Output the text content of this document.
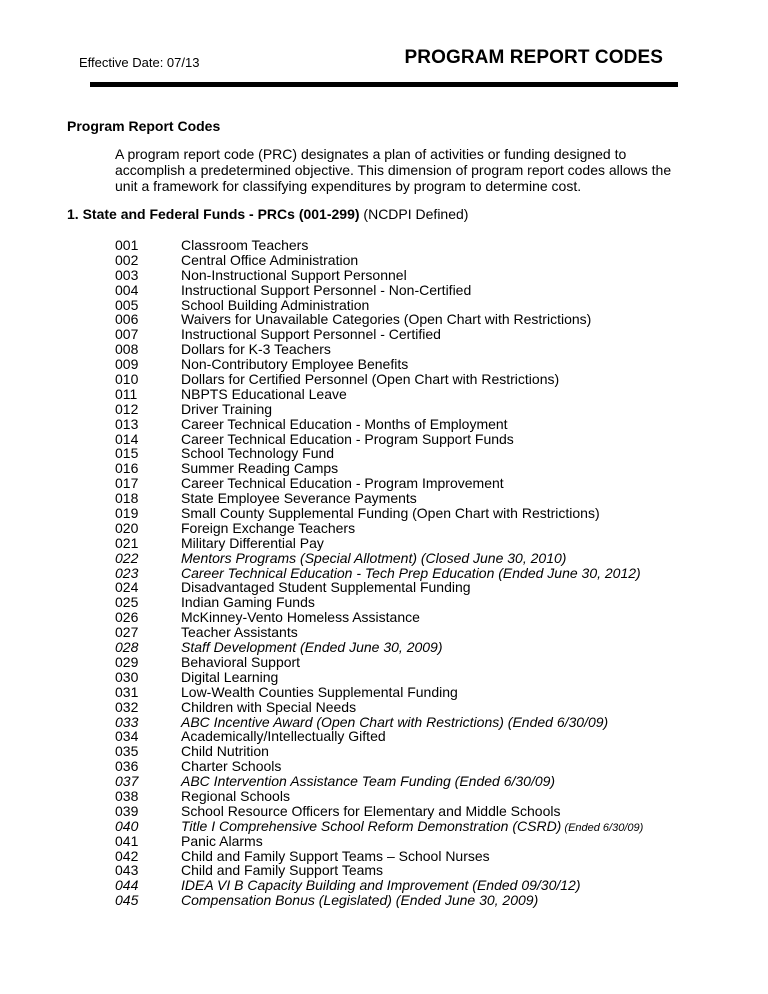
Effective Date: 07/13	PROGRAM REPORT CODES
Program Report Codes
A program report code (PRC) designates a plan of activities or funding designed to accomplish a predetermined objective. This dimension of program report codes allows the unit a framework for classifying expenditures by program to determine cost.
1. State and Federal Funds - PRCs (001-299) (NCDPI Defined)
001	Classroom Teachers
002	Central Office Administration
003	Non-Instructional Support Personnel
004	Instructional Support Personnel - Non-Certified
005	School Building Administration
006	Waivers for Unavailable Categories (Open Chart with Restrictions)
007	Instructional Support Personnel - Certified
008	Dollars for K-3 Teachers
009	Non-Contributory Employee Benefits
010	Dollars for Certified Personnel (Open Chart with Restrictions)
011	NBPTS Educational Leave
012	Driver Training
013	Career Technical Education - Months of Employment
014	Career Technical Education - Program Support Funds
015	School Technology Fund
016	Summer Reading Camps
017	Career Technical Education - Program Improvement
018	State Employee Severance Payments
019	Small County Supplemental Funding (Open Chart with Restrictions)
020	Foreign Exchange Teachers
021	Military Differential Pay
022	Mentors Programs (Special Allotment) (Closed June 30, 2010)
023	Career Technical Education - Tech Prep Education (Ended June 30, 2012)
024	Disadvantaged Student Supplemental Funding
025	Indian Gaming Funds
026	McKinney-Vento Homeless Assistance
027	Teacher Assistants
028	Staff Development (Ended June 30, 2009)
029	Behavioral Support
030	Digital Learning
031	Low-Wealth Counties Supplemental Funding
032	Children with Special Needs
033	ABC Incentive Award (Open Chart with Restrictions) (Ended 6/30/09)
034	Academically/Intellectually Gifted
035	Child Nutrition
036	Charter Schools
037	ABC Intervention Assistance Team Funding (Ended 6/30/09)
038	Regional Schools
039	School Resource Officers for Elementary and Middle Schools
040	Title I Comprehensive School Reform Demonstration (CSRD) (Ended 6/30/09)
041	Panic Alarms
042	Child and Family Support Teams – School Nurses
043	Child and Family Support Teams
044	IDEA VI B Capacity Building and Improvement (Ended 09/30/12)
045	Compensation Bonus (Legislated) (Ended June 30, 2009)
